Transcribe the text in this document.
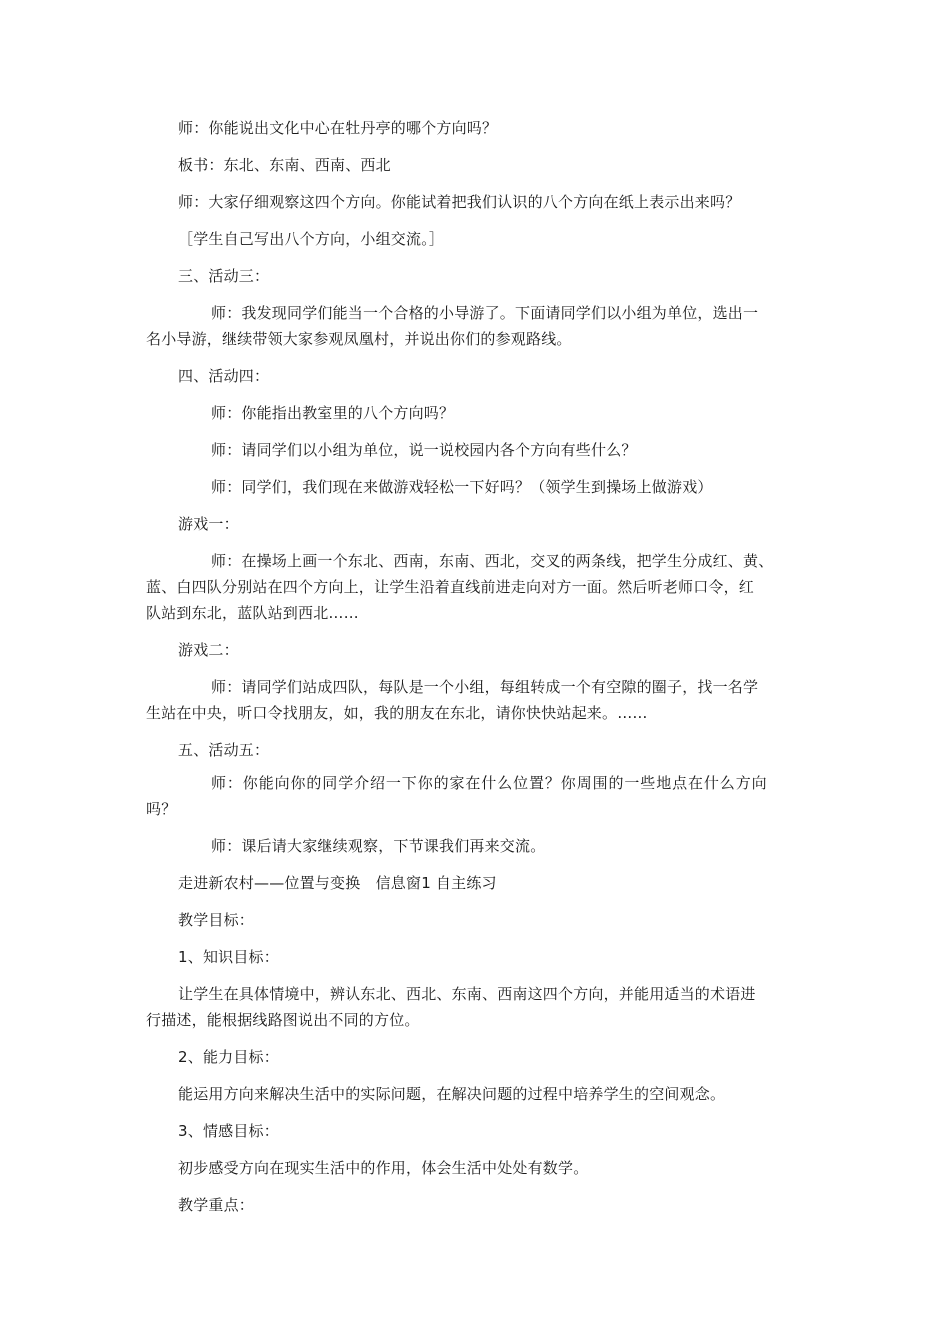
师：你能说出文化中心在牡丹亭的哪个方向吗？
板书：东北、东南、西南、西北
师：大家仔细观察这四个方向。你能试着把我们认识的八个方向在纸上表示出来吗？
［学生自己写出八个方向，小组交流。］
三、活动三：
师：我发现同学们能当一个合格的小导游了。下面请同学们以小组为单位，选出一
名小导游，继续带领大家参观凤凰村，并说出你们的参观路线。
四、活动四：
师：你能指出教室里的八个方向吗？
师：请同学们以小组为单位，说一说校园内各个方向有些什么？
师：同学们，我们现在来做游戏轻松一下好吗？（领学生到操场上做游戏）
游戏一：
师：在操场上画一个东北、西南，东南、西北，交叉的两条线，把学生分成红、黄、
蓝、白四队分别站在四个方向上，让学生沿着直线前进走向对方一面。然后听老师口令，红
队站到东北，蓝队站到西北……
游戏二：
师：请同学们站成四队，每队是一个小组，每组转成一个有空隙的圈子，找一名学
生站在中央，听口令找朋友，如，我的朋友在东北，请你快快站起来。……
五、活动五：
师：你能向你的同学介绍一下你的家在什么位置？你周围的一些地点在什么方向
吗？
师：课后请大家继续观察，下节课我们再来交流。
走进新农村——位置与变换　信息窗1 自主练习
教学目标：
1、知识目标：
让学生在具体情境中，辨认东北、西北、东南、西南这四个方向，并能用适当的术语进
行描述，能根据线路图说出不同的方位。
2、能力目标：
能运用方向来解决生活中的实际问题，在解决问题的过程中培养学生的空间观念。
3、情感目标：
初步感受方向在现实生活中的作用，体会生活中处处有数学。
教学重点：
